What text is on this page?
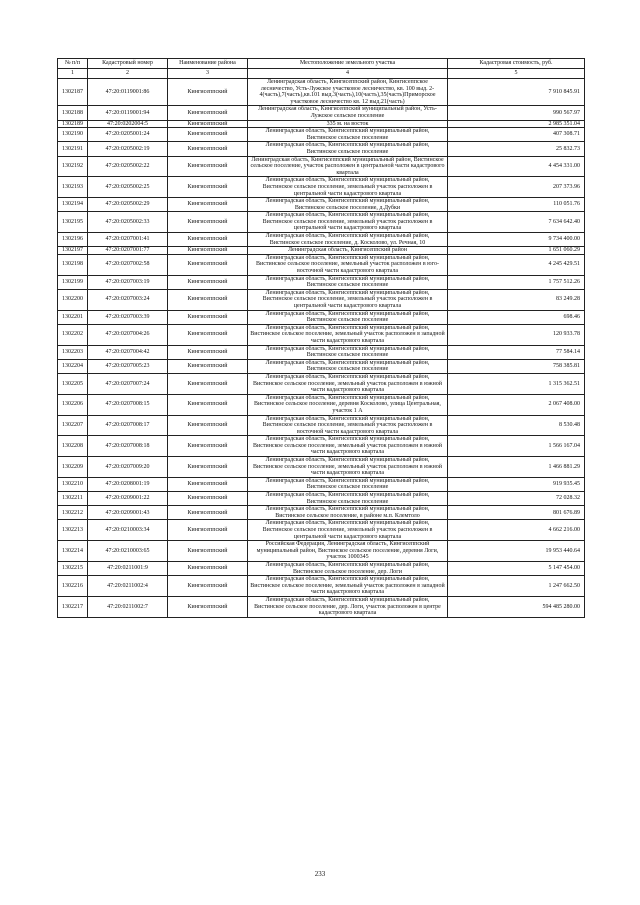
№ п/п	Кадастровый номер	Наименование района	Местоположение земельного участка	Кадастровая стоимость, руб.
1	2	3	4	5
1302187	47:20:0119001:86	Кингисеппский	Ленинградская область, Кингисеппский район, Кингисеппское лесничество, Усть-Лужское участковое лесничество, кв. 100 выд. 2-4(часть),7(часть),кв.101 выд.3(часть),10(часть),35(часть)Приморское участковое лесничество кв. 12 выд.21(часть)	7 910 845.91
1302188	47:20:0119001:94	Кингисеппский	Ленинградская область, Кингисеппский муниципальный район, Усть-Лужское сельское поселение	990 567.97
1302189	47:20:0202004:5	Кингисеппский	335 м. на восток	2 985 351.04
1302190	47:20:0205001:24	Кингисеппский	Ленинградская область, Кингисеппский муниципальный район, Вистинское сельское поселение	407 308.71
1302191	47:20:0205002:19	Кингисеппский	Ленинградская область, Кингисеппский муниципальный район, Вистинское сельское поселение	25 832.73
1302192	47:20:0205002:22	Кингисеппский	Ленинградская обасть, Кингисеппский муниципальный район, Вистинское сельское поселение, участок расположен в центральной части кадастрового квартала	4 454 331.00
1302193	47:20:0205002:25	Кингисеппский	Ленинградская область, Кингисеппский муниципальный район, Вистинское сельское поселение, земельный участок расположен в центральной части кадастрового квартала	207 373.96
1302194	47:20:0205002:29	Кингисеппский	Ленинградская область, Кингисеппский муниципальный район, Вистинское сельское поселение, д.Дубки	110 051.76
1302195	47:20:0205002:33	Кингисеппский	Ленинградская область, Кингисеппский муниципальный район, Вистинское сельское поселение, земельный участок расположен в центральной части кадастрового квартала	7 634 642.40
1302196	47:20:0207001:41	Кингисеппский	Ленинградская область, Кингисеппский муниципальный район, Вистинское сельское поселение, д. Косколово, ул. Речная, 10	9 734 400.00
1302197	47:20:0207001:77	Кингисеппский	Ленинградская область, Кингисеппский район	1 651 060.29
1302198	47:20:0207002:58	Кингисеппский	Ленинградская область, Кингисеппский муниципальный район, Вистинское сельское поселение, земельный участок расположен в юго-восточной части кадастрового квартала	4 245 429.51
1302199	47:20:0207003:19	Кингисеппский	Ленинградская область, Кингисеппский муниципальный район, Вистинское сельское поселение	1 757 512.26
1302200	47:20:0207003:24	Кингисеппский	Ленинградская область, Кингисеппский муниципальный район, Вистинское сельское поселение, земельный участок расположен в центральной части кадастрового квартала	83 249.28
1302201	47:20:0207003:39	Кингисеппский	Ленинградская область, Кингисеппский муниципальный район, Вистинское сельское поселение	698.46
1302202	47:20:0207004:26	Кингисеппский	Ленинградская область, Кингисеппский муниципальный район, Вистинское сельское поселение, земельный участок расположен в западной части кадастрового квартала	120 933.78
1302203	47:20:0207004:42	Кингисеппский	Ленинградская область, Кингисеппский муниципальный район, Вистинское сельское поселение	77 584.14
1302204	47:20:0207005:23	Кингисеппский	Ленинградская область, Кингисеппский муниципальный район, Вистинское сельское поселение	758 385.81
1302205	47:20:0207007:24	Кингисеппский	Ленинградская область, Кингисеппский муниципальный район, Вистинское сельское поселение, земельный участок расположен в южной части кадастрового квартала	1 315 362.51
1302206	47:20:0207008:15	Кингисеппский	Ленинградская область, Кингисеппский муниципальный район, Вистинское сельское поселение, деревня Косколово, улица Центральная, участок 1 А	2 067 408.00
1302207	47:20:0207008:17	Кингисеппский	Ленинградская область, Кингисеппский муниципальный район, Вистинское сельское поселение, земельный участок расположен в восточной части кадастрового квартала	8 530.48
1302208	47:20:0207008:18	Кингисеппский	Ленинградская область, Кингисеппский муниципальный район, Вистинское сельское поселение, земельный участок расположен в южной части кадастрового квартала	1 566 167.04
1302209	47:20:0207009:20	Кингисеппский	Ленинградская область, Кингисеппский муниципальный район, Вистинское сельское поселение, земельный участок расположен в южной части кадастрового квартала	1 466 881.29
1302210	47:20:0208001:19	Кингисеппский	Ленинградская область, Кингисеппский муниципальный район, Вистинское сельское поселение	919 935.45
1302211	47:20:0209001:22	Кингисеппский	Ленинградская область, Кингисеппский муниципальный район, Вистинское сельское поселение	72 028.32
1302212	47:20:0209001:43	Кингисеппский	Ленинградская область, Кингисеппский муниципальный район, Вистинское сельское поселение, в районе м.п. Клемтоло	801 676.89
1302213	47:20:0210003:34	Кингисеппский	Ленинградская область, Кингисеппский муниципальный район, Вистинское сельское поселение, земельный участок расположен в центральной части кадастрового квартала	4 662 216.00
1302214	47:20:0210003:65	Кингисеппский	Российская Федерация, Ленинградская область, Кингисеппский муниципальный район, Вистинское сельское поселение, деревня Логи, участок 1000345	19 953 440.64
1302215	47:20:0211001:9	Кингисеппский	Ленинградская область, Кингисеппский муниципальный район, Вистинское сельское поселение, дер. Логи	5 147 454.00
1302216	47:20:0211002:4	Кингисеппский	Ленинградская область, Кингисеппский муниципальный район, Вистинское сельское поселение, земельный участок расположен в западной части кадастрового квартала	1 247 662.50
1302217	47:20:0211002:7	Кингисеппский	Ленинградская область, Кингисеппский муниципальный район, Вистинское сельское поселение, дер. Логи, участок расположен в центре кадастрового квартала	594 485 280.00
233
